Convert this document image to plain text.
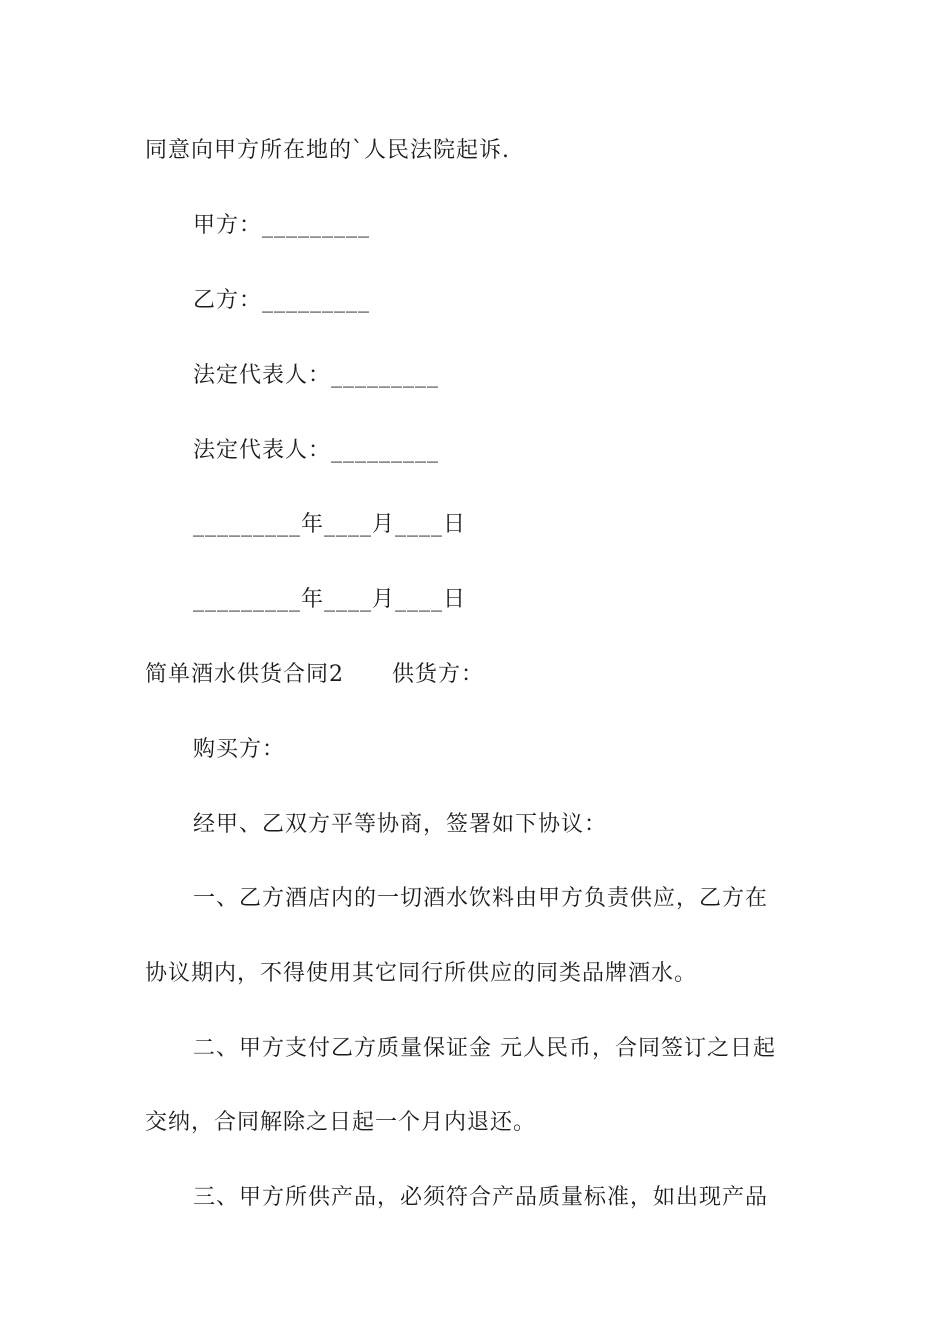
同意向甲方所在地的`人民法院起诉.
甲方：_________
乙方：_________
法定代表人：_________
法定代表人：_________
_________年____月____日
_________年____月____日
简单酒水供货合同2 供货方：
购买方：
经甲、乙双方平等协商，签署如下协议：
一、乙方酒店内的一切酒水饮料由甲方负责供应，乙方在
协议期内，不得使用其它同行所供应的同类品牌酒水。
二、甲方支付乙方质量保证金 元人民币，合同签订之日起
交纳，合同解除之日起一个月内退还。
三、甲方所供产品，必须符合产品质量标准，如出现产品
